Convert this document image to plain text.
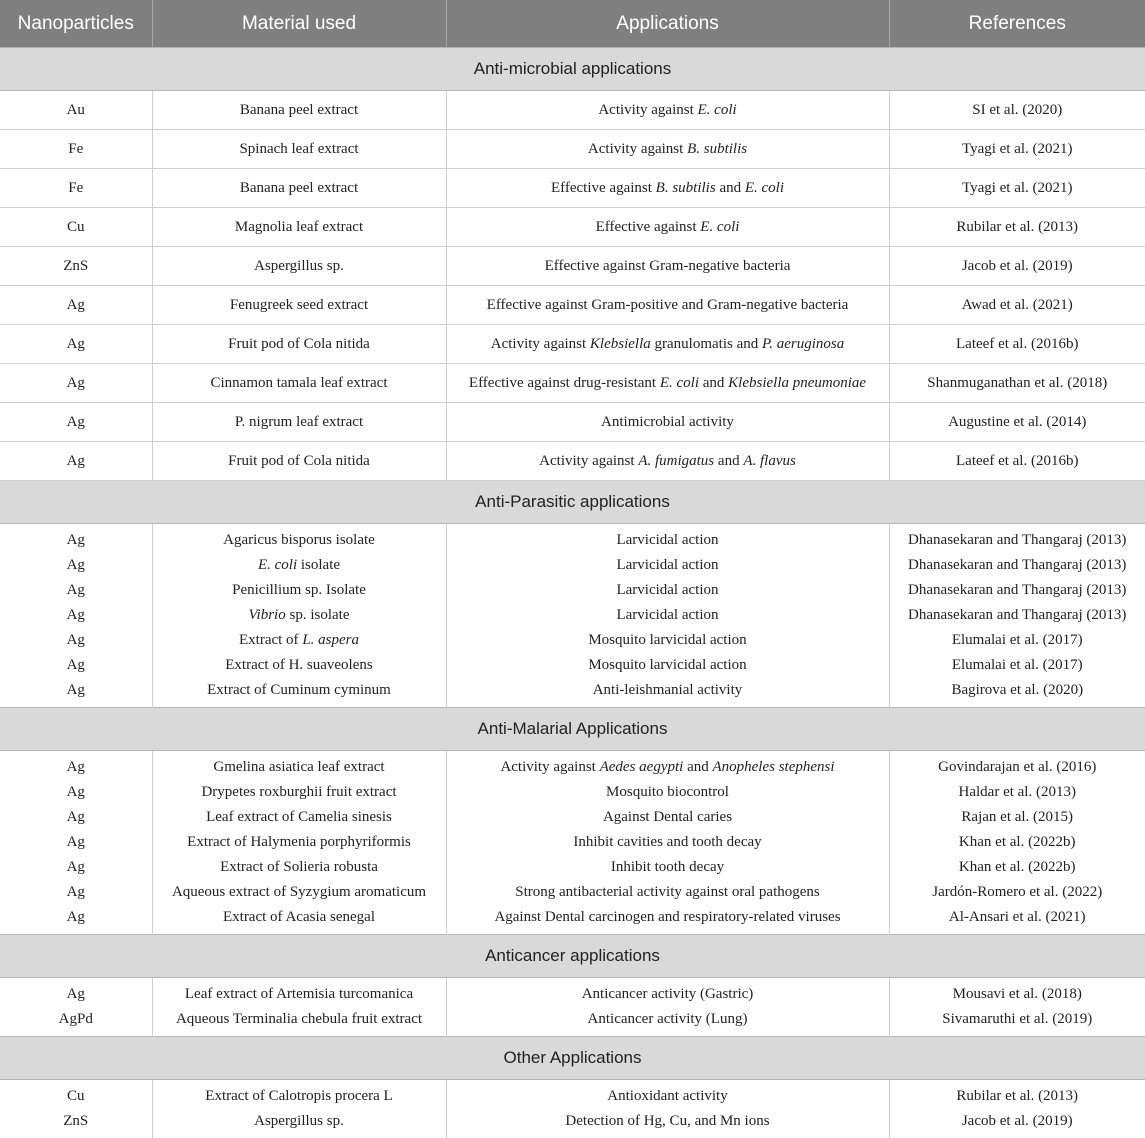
Nanoparticles	Material used	Applications	References
Anti-microbial applications			
Au	Banana peel extract	Activity against E. coli	SI et al. (2020)
Fe	Spinach leaf extract	Activity against B. subtilis	Tyagi et al. (2021)
Fe	Banana peel extract	Effective against B. subtilis and E. coli	Tyagi et al. (2021)
Cu	Magnolia leaf extract	Effective against E. coli	Rubilar et al. (2013)
ZnS	Aspergillus sp.	Effective against Gram-negative bacteria	Jacob et al. (2019)
Ag	Fenugreek seed extract	Effective against Gram-positive and Gram-negative bacteria	Awad et al. (2021)
Ag	Fruit pod of Cola nitida	Activity against Klebsiella granulomatis and P. aeruginosa	Lateef et al. (2016b)
Ag	Cinnamon tamala leaf extract	Effective against drug-resistant E. coli and Klebsiella pneumoniae	Shanmuganathan et al. (2018)
Ag	P. nigrum leaf extract	Antimicrobial activity	Augustine et al. (2014)
Ag	Fruit pod of Cola nitida	Activity against A. fumigatus and A. flavus	Lateef et al. (2016b)
Anti-Parasitic applications			
Ag	Agaricus bisporus isolate	Larvicidal action	Dhanasekaran and Thangaraj (2013)
Ag	E. coli isolate	Larvicidal action	Dhanasekaran and Thangaraj (2013)
Ag	Penicillium sp. Isolate	Larvicidal action	Dhanasekaran and Thangaraj (2013)
Ag	Vibrio sp. isolate	Larvicidal action	Dhanasekaran and Thangaraj (2013)
Ag	Extract of L. aspera	Mosquito larvicidal action	Elumalai et al. (2017)
Ag	Extract of H. suaveolens	Mosquito larvicidal action	Elumalai et al. (2017)
Ag	Extract of Cuminum cyminum	Anti-leishmanial activity	Bagirova et al. (2020)
Anti-Malarial Applications			
Ag	Gmelina asiatica leaf extract	Activity against Aedes aegypti and Anopheles stephensi	Govindarajan et al. (2016)
Ag	Drypetes roxburghii fruit extract	Mosquito biocontrol	Haldar et al. (2013)
Ag	Leaf extract of Camelia sinesis	Against Dental caries	Rajan et al. (2015)
Ag	Extract of Halymenia porphyriformis	Inhibit cavities and tooth decay	Khan et al. (2022b)
Ag	Extract of Solieria robusta	Inhibit tooth decay	Khan et al. (2022b)
Ag	Aqueous extract of Syzygium aromaticum	Strong antibacterial activity against oral pathogens	Jardón-Romero et al. (2022)
Ag	Extract of Acasia senegal	Against Dental carcinogen and respiratory-related viruses	Al-Ansari et al. (2021)
Anticancer applications			
Ag	Leaf extract of Artemisia turcomanica	Anticancer activity (Gastric)	Mousavi et al. (2018)
AgPd	Aqueous Terminalia chebula fruit extract	Anticancer activity (Lung)	Sivamaruthi et al. (2019)
Other Applications			
Cu	Extract of Calotropis procera L	Antioxidant activity	Rubilar et al. (2013)
ZnS	Aspergillus sp.	Detection of Hg, Cu, and Mn ions	Jacob et al. (2019)
